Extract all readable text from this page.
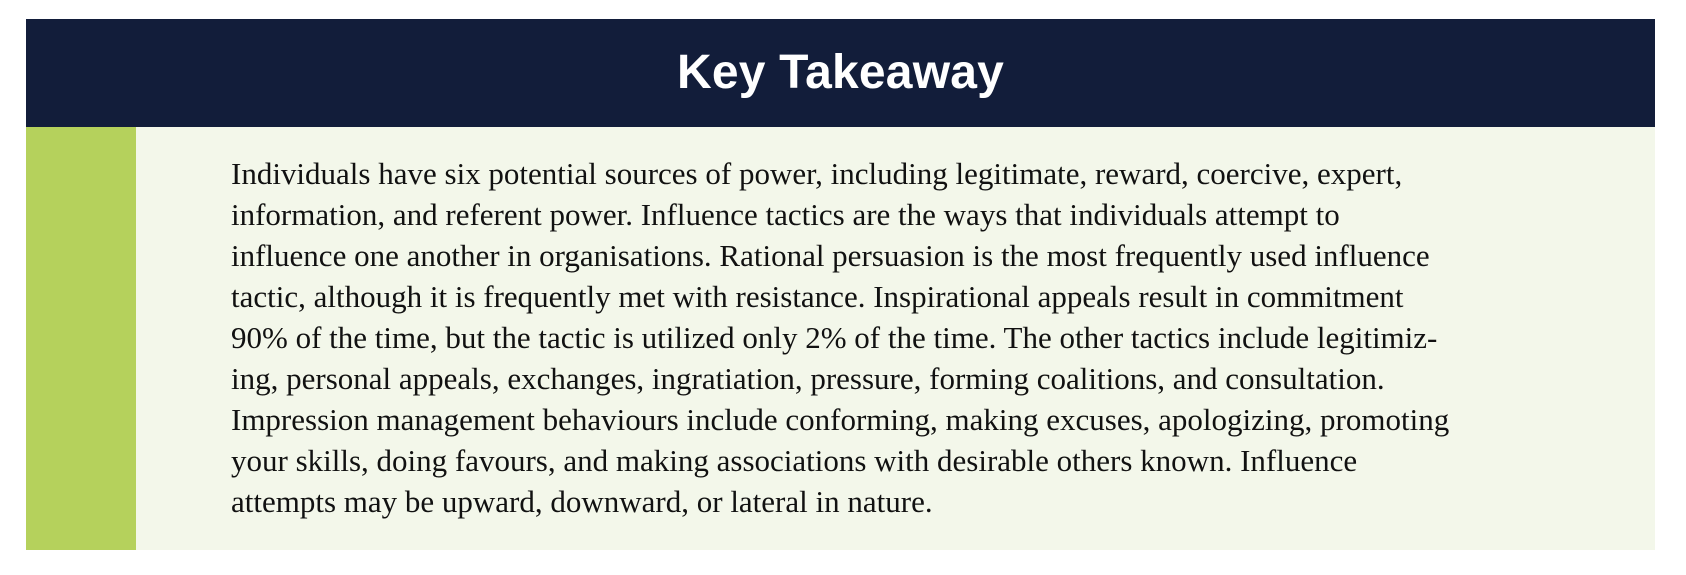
Key Takeaway

Individuals have six potential sources of power, including legitimate, reward, coercive, expert,
information, and referent power. Influence tactics are the ways that individuals attempt to
influence one another in organisations. Rational persuasion is the most frequently used influence
tactic, although it is frequently met with resistance. Inspirational appeals result in commitment
90% of the time, but the tactic is utilized only 2% of the time. The other tactics include legitimiz-
ing, personal appeals, exchanges, ingratiation, pressure, forming coalitions, and consultation.
Impression management behaviours include conforming, making excuses, apologizing, promoting
your skills, doing favours, and making associations with desirable others known. Influence
attempts may be upward, downward, or lateral in nature.
